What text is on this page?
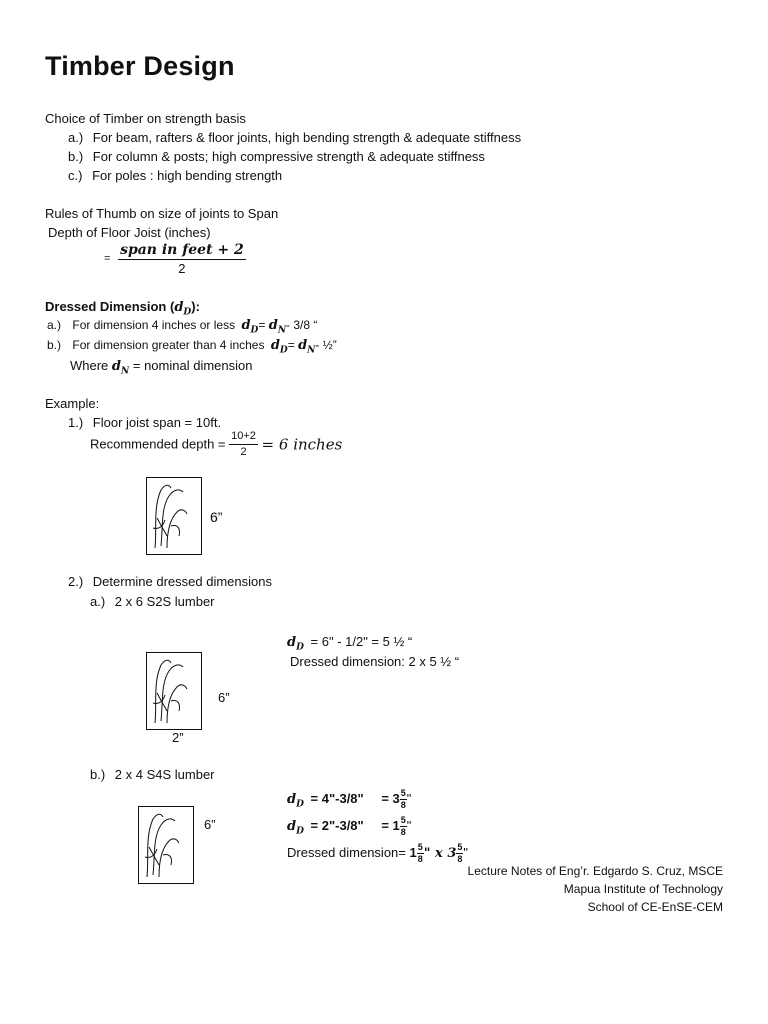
Timber Design
Choice of Timber on strength basis
a.) For beam, rafters & floor joints, high bending strength & adequate stiffness
b.) For column & posts; high compressive strength & adequate stiffness
c.) For poles : high bending strength
Rules of Thumb on size of joints to Span
Depth of Floor Joist (inches)
= $\frac{\text{span in feet + 2}}{2}$
Dressed Dimension $(d_D)$:
a.) For dimension 4 inches or less $d_D= d_N-$ 3/8 “
b.) For dimension greater than 4 inches $d_D= d_N-$ ½”
Where $d_N$ = nominal dimension
Example:
1.) Floor joist span = 10ft.
Recommended depth = $\frac{10+2}{2} = 6$ inches
6”
2.) Determine dressed dimensions
a.) 2 x 6 S2S lumber
$d_D = 6$" - 1/2" = 5 ½ “
Dressed dimension: 2 x 5 ½ “
6”
2”
b.) 2 x 4 S4S lumber
$d_D$ = 4"-3/8" = $3 \frac{5}{8}$ "
$d_D$ = 2"-3/8" = $1 \frac{5}{8}$ "
Dressed dimension= $1 \frac{5}{8}$ " x $3 \frac{5}{8}$ "
6”
Lecture Notes of Eng’r. Edgardo S. Cruz, MSCE
Mapua Institute of Technology
School of CE-EnSE-CEM
